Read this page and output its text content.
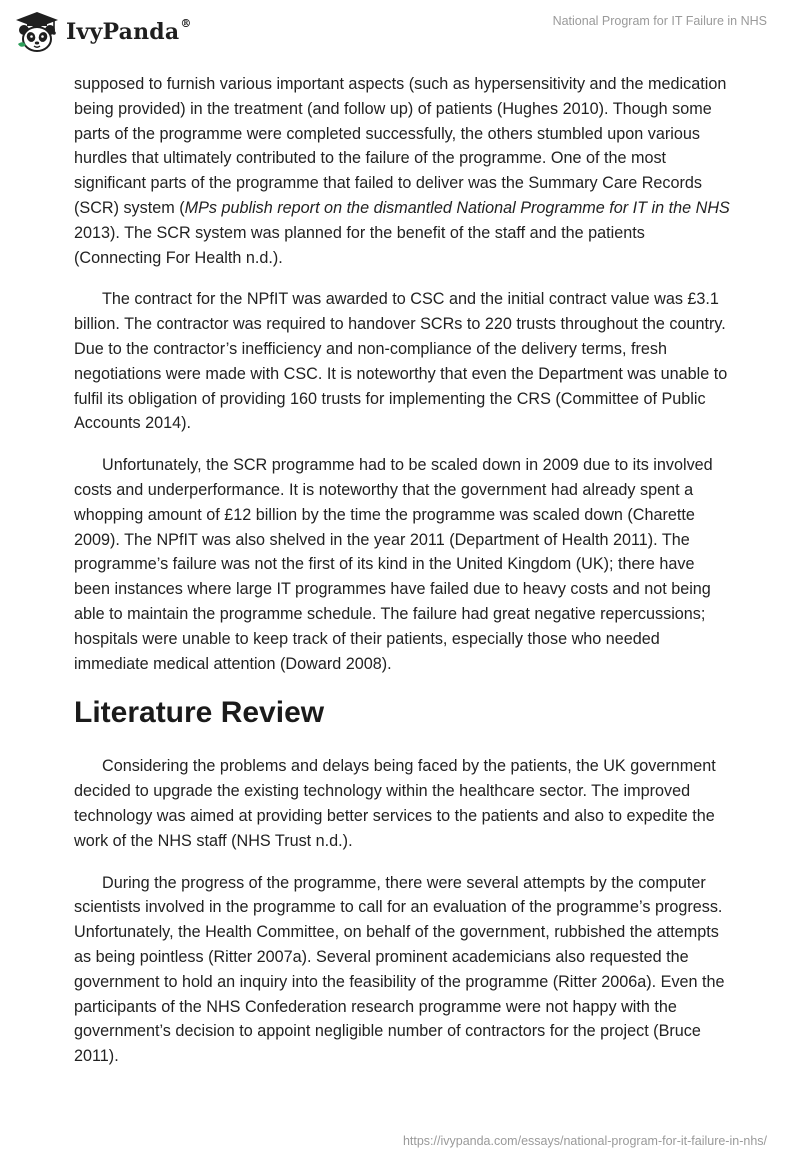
IvyPanda®	National Program for IT Failure in NHS

supposed to furnish various important aspects (such as hypersensitivity and the medication being provided) in the treatment (and follow up) of patients (Hughes 2010). Though some parts of the programme were completed successfully, the others stumbled upon various hurdles that ultimately contributed to the failure of the programme. One of the most significant parts of the programme that failed to deliver was the Summary Care Records (SCR) system (MPs publish report on the dismantled National Programme for IT in the NHS 2013). The SCR system was planned for the benefit of the staff and the patients (Connecting For Health n.d.).

The contract for the NPfIT was awarded to CSC and the initial contract value was £3.1 billion. The contractor was required to handover SCRs to 220 trusts throughout the country. Due to the contractor’s inefficiency and non-compliance of the delivery terms, fresh negotiations were made with CSC. It is noteworthy that even the Department was unable to fulfil its obligation of providing 160 trusts for implementing the CRS (Committee of Public Accounts 2014).

Unfortunately, the SCR programme had to be scaled down in 2009 due to its involved costs and underperformance. It is noteworthy that the government had already spent a whopping amount of £12 billion by the time the programme was scaled down (Charette 2009). The NPfIT was also shelved in the year 2011 (Department of Health 2011). The programme’s failure was not the first of its kind in the United Kingdom (UK); there have been instances where large IT programmes have failed due to heavy costs and not being able to maintain the programme schedule. The failure had great negative repercussions; hospitals were unable to keep track of their patients, especially those who needed immediate medical attention (Doward 2008).

Literature Review

Considering the problems and delays being faced by the patients, the UK government decided to upgrade the existing technology within the healthcare sector. The improved technology was aimed at providing better services to the patients and also to expedite the work of the NHS staff (NHS Trust n.d.).

During the progress of the programme, there were several attempts by the computer scientists involved in the programme to call for an evaluation of the programme’s progress. Unfortunately, the Health Committee, on behalf of the government, rubbished the attempts as being pointless (Ritter 2007a). Several prominent academicians also requested the government to hold an inquiry into the feasibility of the programme (Ritter 2006a). Even the participants of the NHS Confederation research programme were not happy with the government’s decision to appoint negligible number of contractors for the project (Bruce 2011).

https://ivypanda.com/essays/national-program-for-it-failure-in-nhs/
